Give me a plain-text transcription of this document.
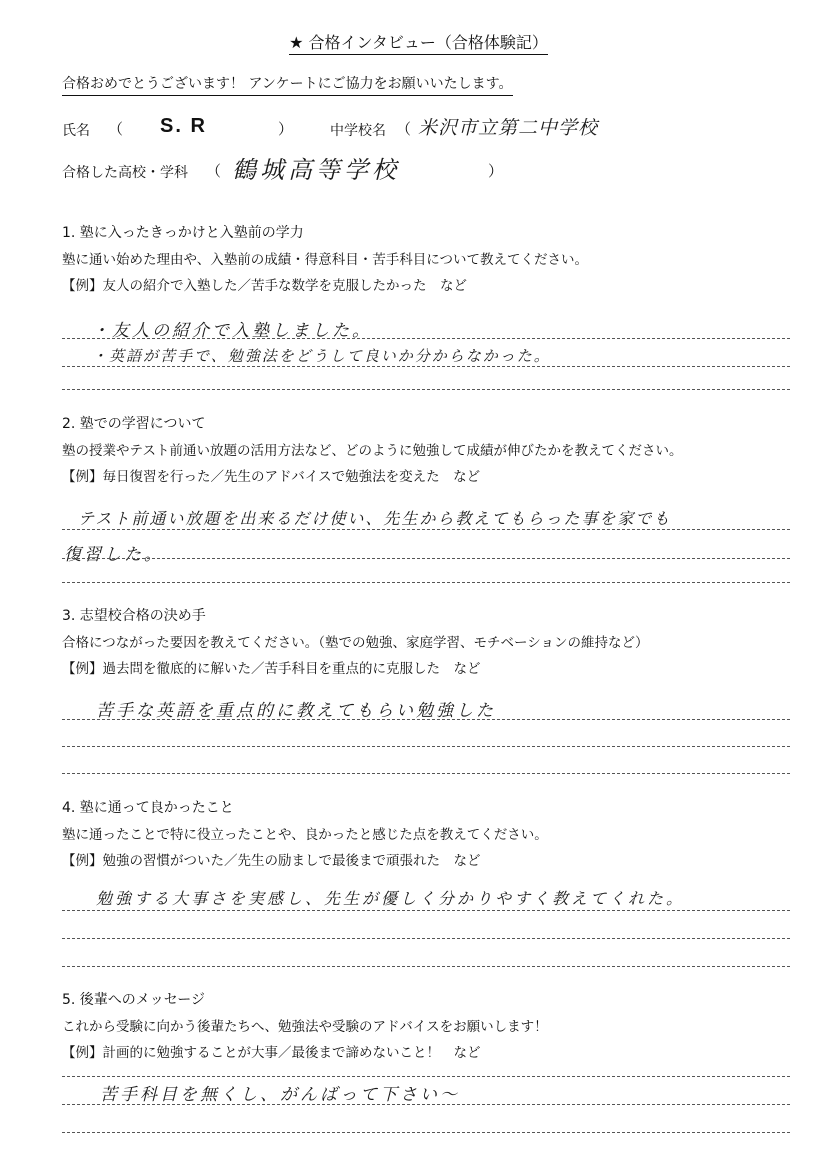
★ 合格インタビュー（合格体験記）
合格おめでとうございます！ アンケートにご協力をお願いいたします。
氏名 （ S. R	）	中学校名 （ 米沢市立第二中学校
合格した高校・学科 （ 鶴城高等学校	）
1. 塾に入ったきっかけと入塾前の学力
塾に通い始めた理由や、入塾前の成績・得意科目・苦手科目について教えてください。
【例】友人の紹介で入塾した／苦手な数学を克服したかった　など
・友人の紹介で入塾しました。
・英語が苦手で、勉強法をどうして良いか分からなかった。
2. 塾での学習について
塾の授業やテスト前通い放題の活用方法など、どのように勉強して成績が伸びたかを教えてください。
【例】毎日復習を行った／先生のアドバイスで勉強法を変えた　など
テスト前通い放題を出来るだけ使い、先生から教えてもらった事を家でも
復習した。
3. 志望校合格の決め手
合格につながった要因を教えてください。（塾での勉強、家庭学習、モチベーションの維持など）
【例】過去問を徹底的に解いた／苦手科目を重点的に克服した　など
苦手な英語を重点的に教えてもらい勉強した
4. 塾に通って良かったこと
塾に通ったことで特に役立ったことや、良かったと感じた点を教えてください。
【例】勉強の習慣がついた／先生の励ましで最後まで頑張れた　など
勉強する大事さを実感し、先生が優しく分かりやすく教えてくれた。
5. 後輩へのメッセージ
これから受験に向かう後輩たちへ、勉強法や受験のアドバイスをお願いします！
【例】計画的に勉強することが大事／最後まで諦めないこと！　など
苦手科目を無くし、がんばって下さい〜
